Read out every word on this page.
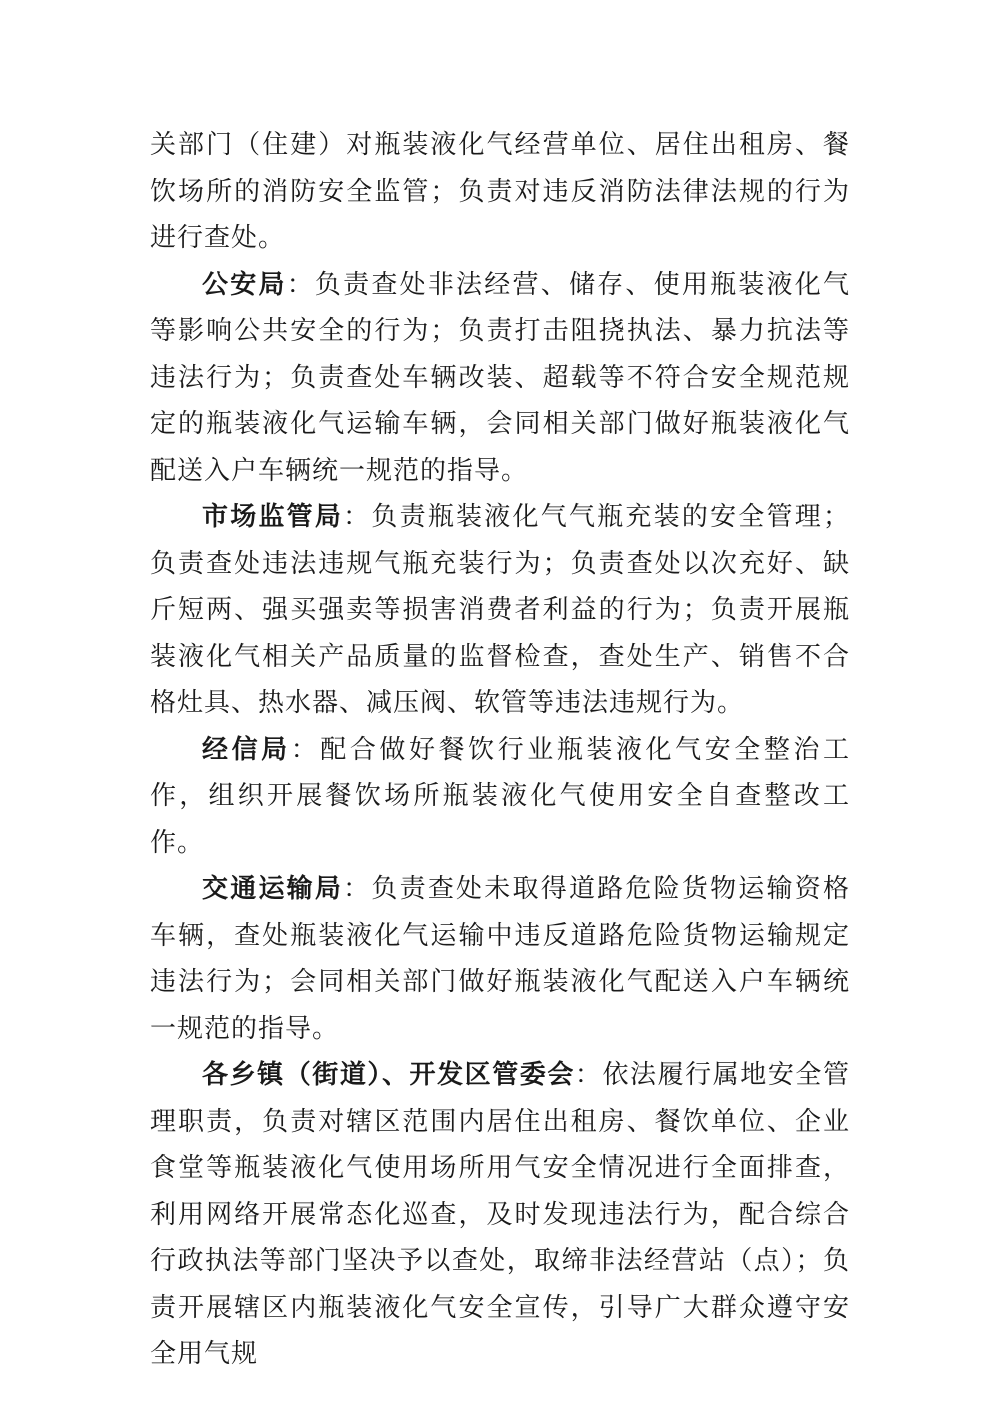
关部门（住建）对瓶装液化气经营单位、居住出租房、餐饮场所的消防安全监管；负责对违反消防法律法规的行为进行查处。

公安局：负责查处非法经营、储存、使用瓶装液化气等影响公共安全的行为；负责打击阻挠执法、暴力抗法等违法行为；负责查处车辆改装、超载等不符合安全规范规定的瓶装液化气运输车辆，会同相关部门做好瓶装液化气配送入户车辆统一规范的指导。

市场监管局：负责瓶装液化气气瓶充装的安全管理；负责查处违法违规气瓶充装行为；负责查处以次充好、缺斤短两、强买强卖等损害消费者利益的行为；负责开展瓶装液化气相关产品质量的监督检查，查处生产、销售不合格灶具、热水器、减压阀、软管等违法违规行为。

经信局：配合做好餐饮行业瓶装液化气安全整治工作，组织开展餐饮场所瓶装液化气使用安全自查整改工作。

交通运输局：负责查处未取得道路危险货物运输资格车辆，查处瓶装液化气运输中违反道路危险货物运输规定违法行为；会同相关部门做好瓶装液化气配送入户车辆统一规范的指导。

各乡镇（街道）、开发区管委会：依法履行属地安全管理职责，负责对辖区范围内居住出租房、餐饮单位、企业食堂等瓶装液化气使用场所用气安全情况进行全面排查，利用网络开展常态化巡查，及时发现违法行为，配合综合行政执法等部门坚决予以查处，取缔非法经营站（点）；负责开展辖区内瓶装液化气安全宣传，引导广大群众遵守安全用气规
